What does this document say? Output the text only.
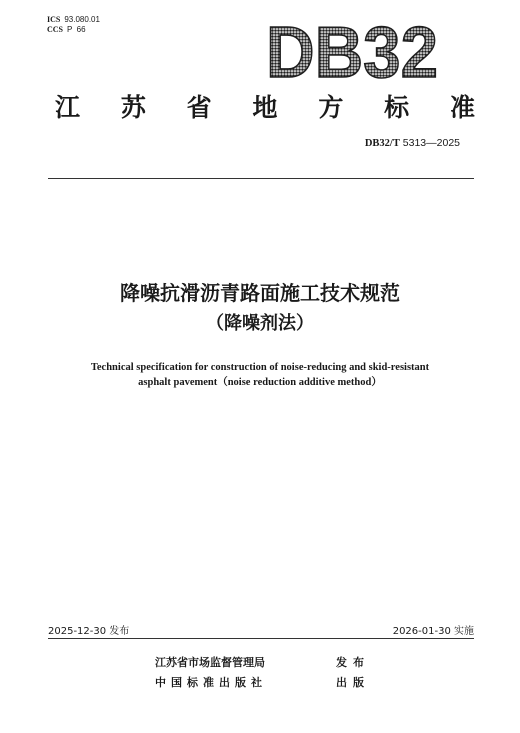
ICS 93.080.01
CCS P  66	DB32
江 苏 省 地 方 标 准
DB32/T 5313—2025
降噪抗滑沥青路面施工技术规范
（降噪剂法）
Technical specification for construction of noise-reducing and skid-resistant
asphalt pavement（noise reduction additive method）
2025-12-30 发布	2026-01-30 实施
江苏省市场监督管理局	发布
中国标准出版社	出版
